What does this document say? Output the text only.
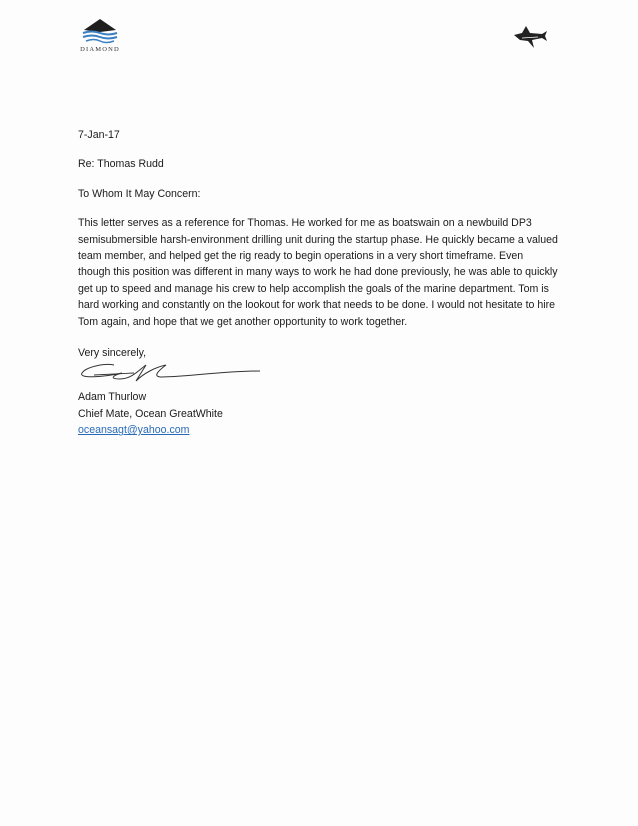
DIAMOND

7-Jan-17

Re: Thomas Rudd

To Whom It May Concern:

This letter serves as a reference for Thomas. He worked for me as boatswain on a newbuild DP3 semisubmersible harsh-environment drilling unit during the startup phase. He quickly became a valued team member, and helped get the rig ready to begin operations in a very short timeframe. Even though this position was different in many ways to work he had done previously, he was able to quickly get up to speed and manage his crew to help accomplish the goals of the marine department. Tom is hard working and constantly on the lookout for work that needs to be done. I would not hesitate to hire Tom again, and hope that we get another opportunity to work together.

Very sincerely,

Adam Thurlow

Chief Mate, Ocean GreatWhite

oceansagt@yahoo.com
